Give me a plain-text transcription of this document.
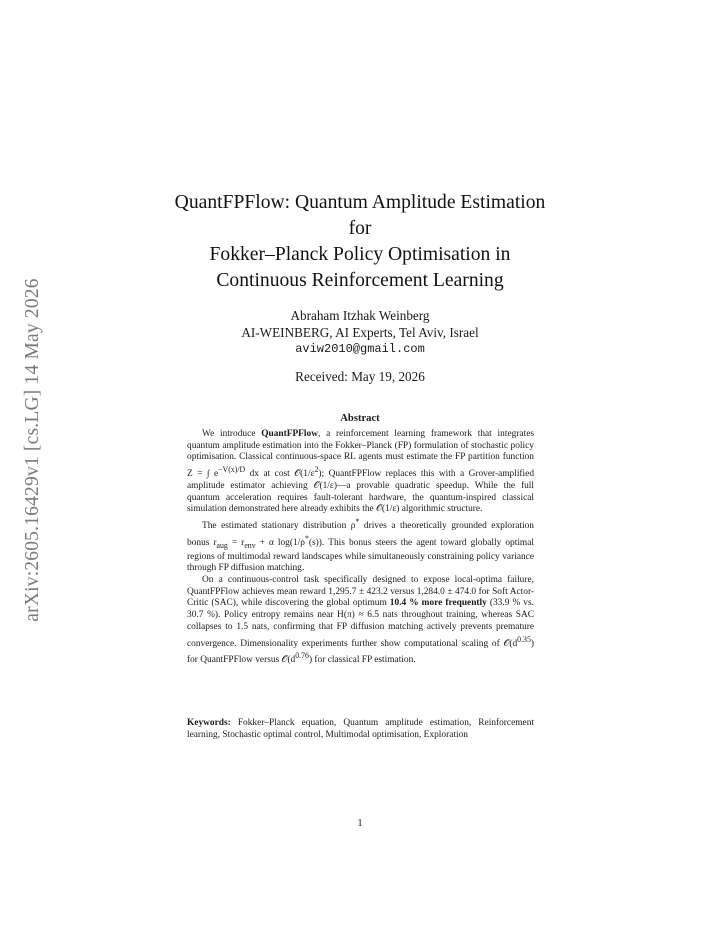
arXiv:2605.16429v1 [cs.LG] 14 May 2026
QuantFPFlow: Quantum Amplitude Estimation
for
Fokker–Planck Policy Optimisation in
Continuous Reinforcement Learning
Abraham Itzhak Weinberg
AI-WEINBERG, AI Experts, Tel Aviv, Israel
aviw2010@gmail.com
Received: May 19, 2026
Abstract

We introduce QuantFPFlow, a reinforcement learning framework that integrates quantum amplitude estimation into the Fokker–Planck (FP) formulation of stochastic policy optimisation. Classical continuous-space RL agents must estimate the FP partition function Z = ∫ $e^{-V(x)/D}$ dx at cost $𝒪(1/\varepsilon^2)$; QuantFPFlow replaces this with a Grover-amplified amplitude estimator achieving 𝒪(1/ε)—a provable quadratic speedup. While the full quantum acceleration requires fault-tolerant hardware, the quantum-inspired classical simulation demonstrated here already exhibits the 𝒪(1/ε) algorithmic structure.

The estimated stationary distribution ρ* drives a theoretically grounded exploration bonus $r_{aug} = r_{env} + \alpha$ log(1/ρ*(s)). This bonus steers the agent toward globally optimal regions of multimodal reward landscapes while simultaneously constraining policy variance through FP diffusion matching.

On a continuous-control task specifically designed to expose local-optima failure, QuantFPFlow achieves mean reward 1,295.7 ± 423.2 versus 1,284.0 ± 474.0 for Soft Actor-Critic (SAC), while discovering the global optimum 10.4 % more frequently (33.9 % vs. 30.7 %). Policy entropy remains near H(π) ≈ 6.5 nats throughout training, whereas SAC collapses to 1.5 nats, confirming that FP diffusion matching actively prevents premature convergence. Dimensionality experiments further show computational scaling of $𝒪(d^{0.35})$ for QuantFPFlow versus $𝒪(d^{0.76})$ for classical FP estimation.

Keywords: Fokker–Planck equation, Quantum amplitude estimation, Reinforcement learning, Stochastic optimal control, Multimodal optimisation, Exploration
1
